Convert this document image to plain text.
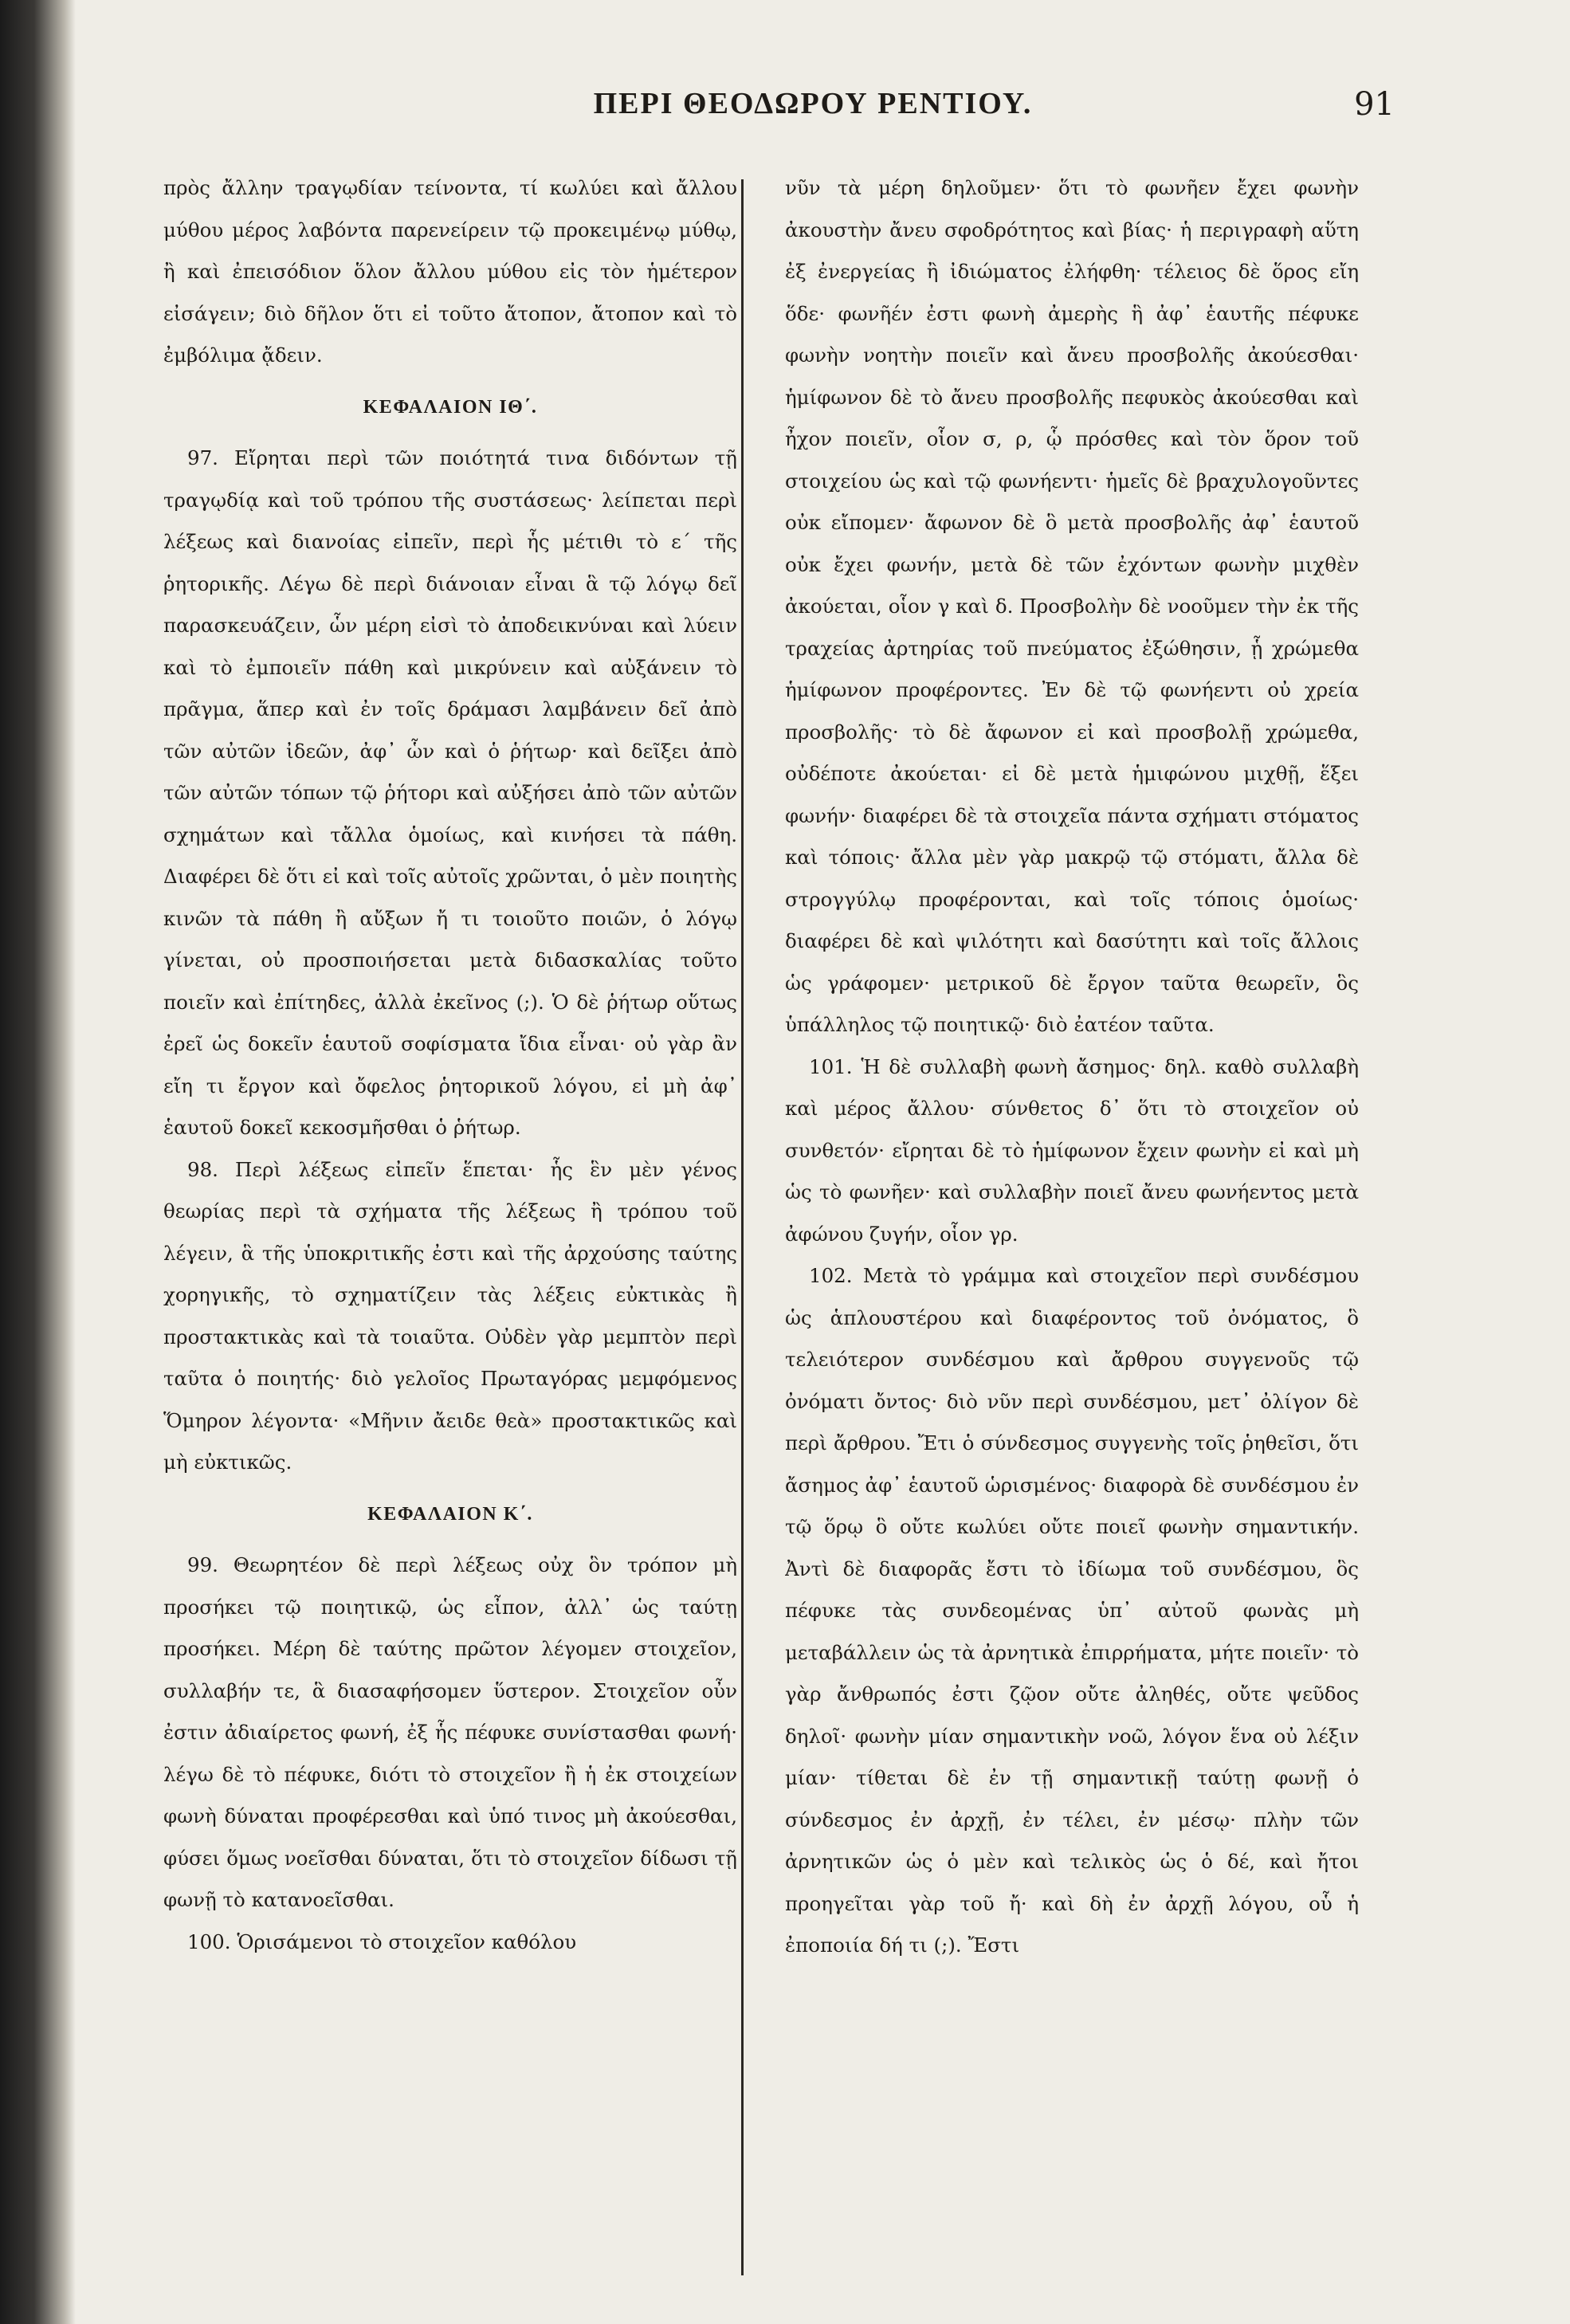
ΠΕΡΙ ΘΕΟΔΩΡΟΥ ΡΕΝΤΙΟΥ.	91

πρὸς ἄλλην τραγῳδίαν τείνοντα, τί κωλύει καὶ ἄλλου μύθου μέρος λαβόντα παρενείρειν τῷ προκειμένῳ μύθῳ, ἢ καὶ ἐπεισόδιον ὅλον ἄλλου μύθου εἰς τὸν ἡμέτερον εἰσάγειν; διὸ δῆλον ὅτι εἰ τοῦτο ἄτοπον, ἄτοπον καὶ τὸ ἐμβόλιμα ᾄδειν.

ΚΕΦΑΛΑΙΟΝ ΙΘ΄.

97. Εἴρηται περὶ τῶν ποιότητά τινα διδόντων τῇ τραγῳδίᾳ καὶ τοῦ τρόπου τῆς συστάσεως· λείπεται περὶ λέξεως καὶ διανοίας εἰπεῖν, περὶ ἧς μέτιθι τὸ ε΄ τῆς ῥητορικῆς. Λέγω δὲ περὶ διάνοιαν εἶναι ἃ τῷ λόγῳ δεῖ παρασκευάζειν, ὧν μέρη εἰσὶ τὸ ἀποδεικνύναι καὶ λύειν καὶ τὸ ἐμποιεῖν πάθη καὶ μικρύνειν καὶ αὐξάνειν τὸ πρᾶγμα, ἅπερ καὶ ἐν τοῖς δράμασι λαμβάνειν δεῖ ἀπὸ τῶν αὐτῶν ἰδεῶν, ἀφ᾽ ὧν καὶ ὁ ῥήτωρ· καὶ δεῖξει ἀπὸ τῶν αὐτῶν τόπων τῷ ῥήτορι καὶ αὐξήσει ἀπὸ τῶν αὐτῶν σχημάτων καὶ τἄλλα ὁμοίως, καὶ κινήσει τὰ πάθη. Διαφέρει δὲ ὅτι εἰ καὶ τοῖς αὐτοῖς χρῶνται, ὁ μὲν ποιητὴς κινῶν τὰ πάθη ἢ αὔξων ἤ τι τοιοῦτο ποιῶν, ὁ λόγῳ γίνεται, οὐ προσποιήσεται μετὰ διδασκαλίας τοῦτο ποιεῖν καὶ ἐπίτηδες, ἀλλὰ ἐκεῖνος (;). Ὁ δὲ ῥήτωρ οὕτως ἐρεῖ ὡς δοκεῖν ἑαυτοῦ σοφίσματα ἴδια εἶναι· οὐ γὰρ ἂν εἴη τι ἔργον καὶ ὄφελος ῥητορικοῦ λόγου, εἰ μὴ ἀφ᾽ ἑαυτοῦ δοκεῖ κεκοσμῆσθαι ὁ ῥήτωρ.

98. Περὶ λέξεως εἰπεῖν ἕπεται· ἧς ἓν μὲν γένος θεωρίας περὶ τὰ σχήματα τῆς λέξεως ἢ τρόπου τοῦ λέγειν, ἃ τῆς ὑποκριτικῆς ἐστι καὶ τῆς ἀρχούσης ταύτης χορηγικῆς, τὸ σχηματίζειν τὰς λέξεις εὐκτικὰς ἢ προστακτικὰς καὶ τὰ τοιαῦτα. Οὐδὲν γὰρ μεμπτὸν περὶ ταῦτα ὁ ποιητής· διὸ γελοῖος Πρωταγόρας μεμφόμενος Ὅμηρον λέγοντα· «Μῆνιν ἄειδε θεὰ» προστακτικῶς καὶ μὴ εὐκτικῶς.

ΚΕΦΑΛΑΙΟΝ Κ΄.

99. Θεωρητέον δὲ περὶ λέξεως οὐχ ὃν τρόπον μὴ προσήκει τῷ ποιητικῷ, ὡς εἶπον, ἀλλ᾽ ὡς ταύτῃ προσήκει. Μέρη δὲ ταύτης πρῶτον λέγομεν στοιχεῖον, συλλαβήν τε, ἃ διασαφήσομεν ὕστερον. Στοιχεῖον οὖν ἐστιν ἀδιαίρετος φωνή, ἐξ ἧς πέφυκε συνίστασθαι φωνή· λέγω δὲ τὸ πέφυκε, διότι τὸ στοιχεῖον ἢ ἡ ἐκ στοιχείων φωνὴ δύναται προφέρεσθαι καὶ ὑπό τινος μὴ ἀκούεσθαι, φύσει ὅμως νοεῖσθαι δύναται, ὅτι τὸ στοιχεῖον δίδωσι τῇ φωνῇ τὸ κατανοεῖσθαι.

100. Ὁρισάμενοι τὸ στοιχεῖον καθόλου

νῦν τὰ μέρη δηλοῦμεν· ὅτι τὸ φωνῆεν ἔχει φωνὴν ἀκουστὴν ἄνευ σφοδρότητος καὶ βίας· ἡ περιγραφὴ αὕτη ἐξ ἐνεργείας ἢ ἰδιώματος ἐλήφθη· τέλειος δὲ ὅρος εἴη ὅδε· φωνῆέν ἐστι φωνὴ ἀμερὴς ἣ ἀφ᾽ ἑαυτῆς πέφυκε φωνὴν νοητὴν ποιεῖν καὶ ἄνευ προσβολῆς ἀκούεσθαι· ἡμίφωνον δὲ τὸ ἄνευ προσβολῆς πεφυκὸς ἀκούεσθαι καὶ ἦχον ποιεῖν, οἷον σ, ρ, ᾧ πρόσθες καὶ τὸν ὅρον τοῦ στοιχείου ὡς καὶ τῷ φωνήεντι· ἡμεῖς δὲ βραχυλογοῦντες οὐκ εἴπομεν· ἄφωνον δὲ ὃ μετὰ προσβολῆς ἀφ᾽ ἑαυτοῦ οὐκ ἔχει φωνήν, μετὰ δὲ τῶν ἐχόντων φωνὴν μιχθὲν ἀκούεται, οἷον γ καὶ δ. Προσβολὴν δὲ νοοῦμεν τὴν ἐκ τῆς τραχείας ἀρτηρίας τοῦ πνεύματος ἐξώθησιν, ᾗ χρώμεθα ἡμίφωνον προφέροντες. Ἐν δὲ τῷ φωνήεντι οὐ χρεία προσβολῆς· τὸ δὲ ἄφωνον εἰ καὶ προσβολῇ χρώμεθα, οὐδέποτε ἀκούεται· εἰ δὲ μετὰ ἡμιφώνου μιχθῇ, ἕξει φωνήν· διαφέρει δὲ τὰ στοιχεῖα πάντα σχήματι στόματος καὶ τόποις· ἄλλα μὲν γὰρ μακρῷ τῷ στόματι, ἄλλα δὲ στρογγύλῳ προφέρονται, καὶ τοῖς τόποις ὁμοίως· διαφέρει δὲ καὶ ψιλότητι καὶ δασύτητι καὶ τοῖς ἄλλοις ὡς γράφομεν· μετρικοῦ δὲ ἔργον ταῦτα θεωρεῖν, ὃς ὑπάλληλος τῷ ποιητικῷ· διὸ ἐατέον ταῦτα.

101. Ἡ δὲ συλλαβὴ φωνὴ ἄσημος· δηλ. καθὸ συλλαβὴ καὶ μέρος ἄλλου· σύνθετος δ᾽ ὅτι τὸ στοιχεῖον οὐ συνθετόν· εἴρηται δὲ τὸ ἡμίφωνον ἔχειν φωνὴν εἰ καὶ μὴ ὡς τὸ φωνῆεν· καὶ συλλαβὴν ποιεῖ ἄνευ φωνήεντος μετὰ ἀφώνου ζυγήν, οἷον γρ.

102. Μετὰ τὸ γράμμα καὶ στοιχεῖον περὶ συνδέσμου ὡς ἁπλουστέρου καὶ διαφέροντος τοῦ ὀνόματος, ὃ τελειότερον συνδέσμου καὶ ἄρθρου συγγενοῦς τῷ ὀνόματι ὄντος· διὸ νῦν περὶ συνδέσμου, μετ᾽ ὀλίγον δὲ περὶ ἄρθρου. Ἔτι ὁ σύνδεσμος συγγενὴς τοῖς ῥηθεῖσι, ὅτι ἄσημος ἀφ᾽ ἑαυτοῦ ὡρισμένος· διαφορὰ δὲ συνδέσμου ἐν τῷ ὅρῳ ὃ οὔτε κωλύει οὔτε ποιεῖ φωνὴν σημαντικήν. Ἀντὶ δὲ διαφορᾶς ἔστι τὸ ἰδίωμα τοῦ συνδέσμου, ὃς πέφυκε τὰς συνδεομένας ὑπ᾽ αὐτοῦ φωνὰς μὴ μεταβάλλειν ὡς τὰ ἀρνητικὰ ἐπιρρήματα, μήτε ποιεῖν· τὸ γὰρ ἄνθρωπός ἐστι ζῷον οὔτε ἀληθές, οὔτε ψεῦδος δηλοῖ· φωνὴν μίαν σημαντικὴν νοῶ, λόγον ἕνα οὐ λέξιν μίαν· τίθεται δὲ ἐν τῇ σημαντικῇ ταύτῃ φωνῇ ὁ σύνδεσμος ἐν ἀρχῇ, ἐν τέλει, ἐν μέσῳ· πλὴν τῶν ἀρνητικῶν ὡς ὁ μὲν καὶ τελικὸς ὡς ὁ δέ, καὶ ἤτοι προηγεῖται γὰρ τοῦ ἤ· καὶ δὴ ἐν ἀρχῇ λόγου, οὗ ἡ ἐποποιία δή τι (;). Ἔστι
